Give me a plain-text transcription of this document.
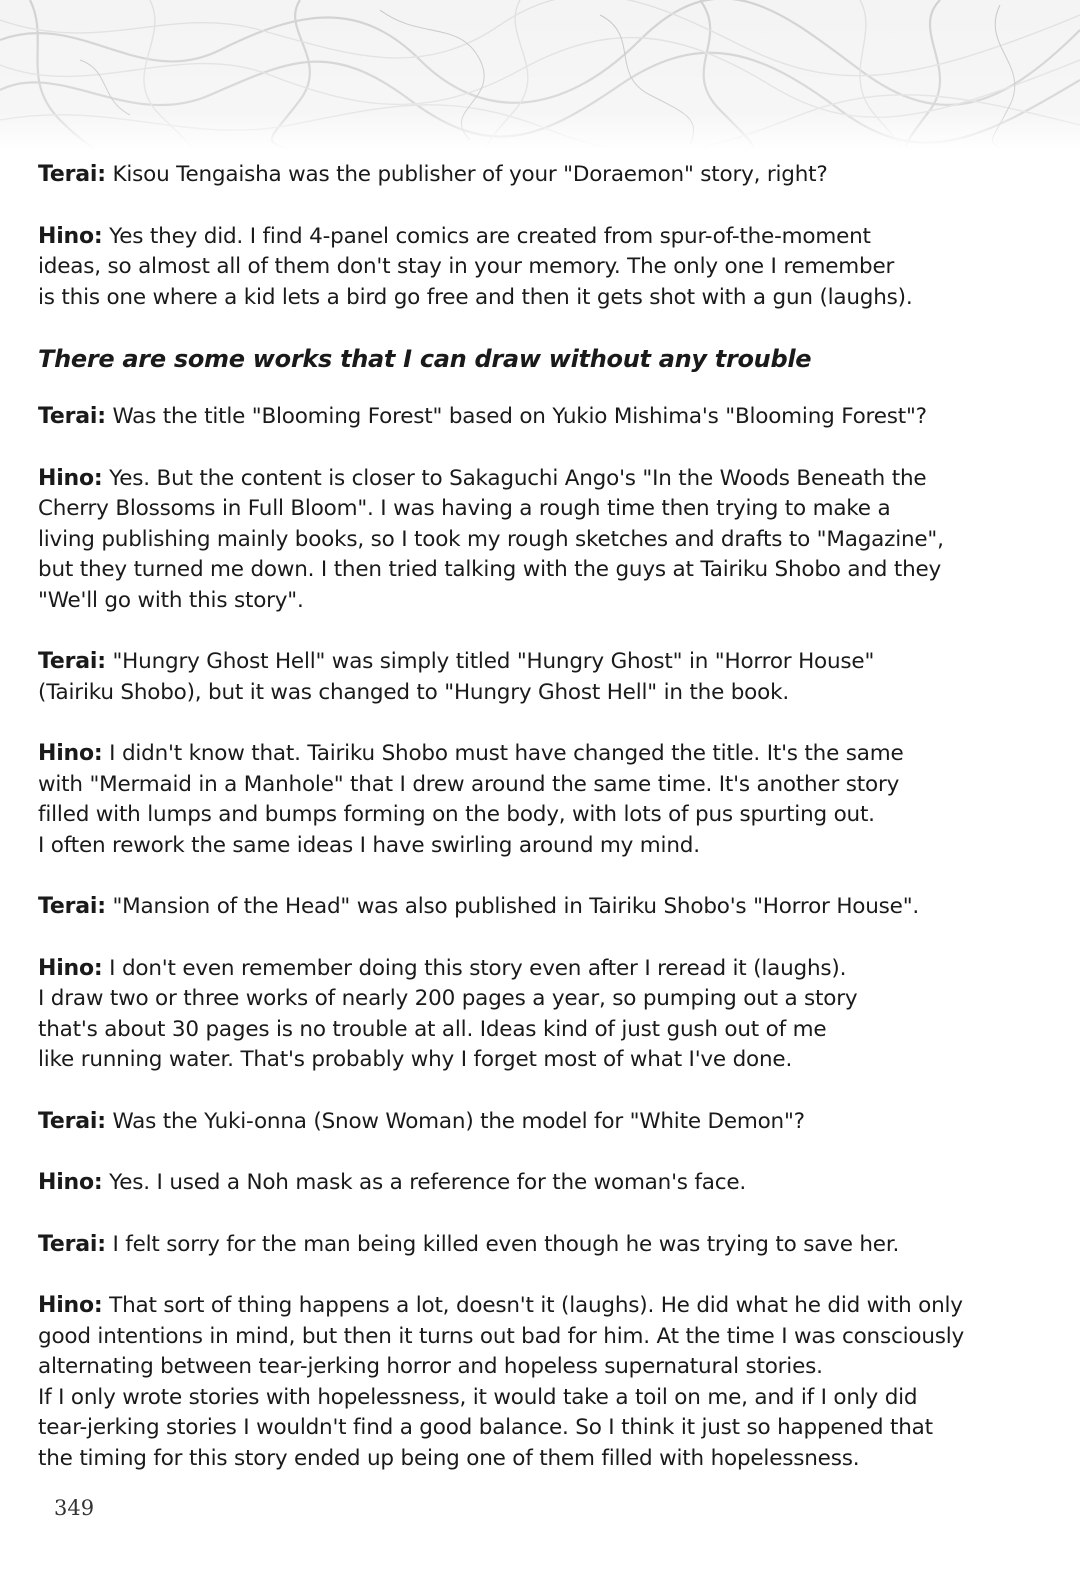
Terai: Kisou Tengaisha was the publisher of your "Doraemon" story, right?

Hino: Yes they did. I find 4-panel comics are created from spur-of-the-moment
ideas, so almost all of them don't stay in your memory. The only one I remember
is this one where a kid lets a bird go free and then it gets shot with a gun (laughs).

There are some works that I can draw without any trouble

Terai: Was the title "Blooming Forest" based on Yukio Mishima's "Blooming Forest"?

Hino: Yes. But the content is closer to Sakaguchi Ango's "In the Woods Beneath the
Cherry Blossoms in Full Bloom". I was having a rough time then trying to make a
living publishing mainly books, so I took my rough sketches and drafts to "Magazine",
but they turned me down. I then tried talking with the guys at Tairiku Shobo and they
"We'll go with this story".

Terai: "Hungry Ghost Hell" was simply titled "Hungry Ghost" in "Horror House"
(Tairiku Shobo), but it was changed to "Hungry Ghost Hell" in the book.

Hino: I didn't know that. Tairiku Shobo must have changed the title. It's the same
with "Mermaid in a Manhole" that I drew around the same time. It's another story
filled with lumps and bumps forming on the body, with lots of pus spurting out.
I often rework the same ideas I have swirling around my mind.

Terai: "Mansion of the Head" was also published in Tairiku Shobo's "Horror House".

Hino: I don't even remember doing this story even after I reread it (laughs).
I draw two or three works of nearly 200 pages a year, so pumping out a story
that's about 30 pages is no trouble at all. Ideas kind of just gush out of me
like running water. That's probably why I forget most of what I've done.

Terai: Was the Yuki-onna (Snow Woman) the model for "White Demon"?

Hino: Yes. I used a Noh mask as a reference for the woman's face.

Terai: I felt sorry for the man being killed even though he was trying to save her.

Hino: That sort of thing happens a lot, doesn't it (laughs). He did what he did with only
good intentions in mind, but then it turns out bad for him. At the time I was consciously
alternating between tear-jerking horror and hopeless supernatural stories.
If I only wrote stories with hopelessness, it would take a toil on me, and if I only did
tear-jerking stories I wouldn't find a good balance. So I think it just so happened that
the timing for this story ended up being one of them filled with hopelessness.

349
